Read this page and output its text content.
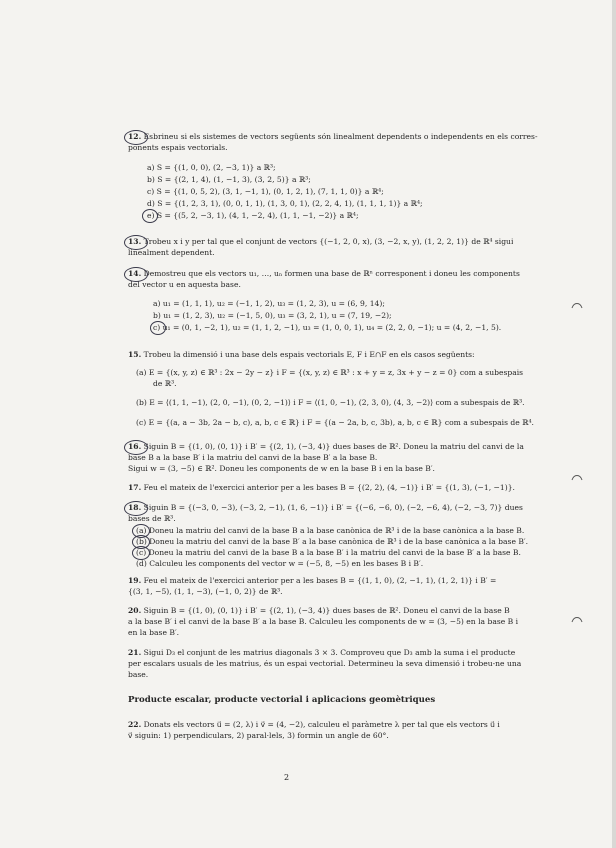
12. Esbrineu si els sistemes de vectors següents són linealment dependents o independents en els corres-
ponents espais vectorials.
a) S = {(1, 0, 0), (2, −3, 1)} a ℝ³;
b) S = {(2, 1, 4), (1, −1, 3), (3, 2, 5)} a ℝ³;
c) S = {(1, 0, 5, 2), (3, 1, −1, 1), (0, 1, 2, 1), (7, 1, 1, 0)} a ℝ⁴;
d) S = {(1, 2, 3, 1), (0, 0, 1, 1), (1, 3, 0, 1), (2, 2, 4, 1), (1, 1, 1, 1)} a ℝ⁴;
e) S = {(5, 2, −3, 1), (4, 1, −2, 4), (1, 1, −1, −2)} a ℝ⁴;
13. Trobeu x i y per tal que el conjunt de vectors {(−1, 2, 0, x), (3, −2, x, y), (1, 2, 2, 1)} de ℝ⁴ sigui
linealment dependent.
14. Demostreu que els vectors u₁, …, uₙ formen una base de ℝⁿ corresponent i doneu les components
del vector u en aquesta base.
a) u₁ = (1, 1, 1), u₂ = (−1, 1, 2), u₃ = (1, 2, 3), u = (6, 9, 14);
b) u₁ = (1, 2, 3), u₂ = (−1, 5, 0), u₃ = (3, 2, 1), u = (7, 19, −2);
c) u₁ = (0, 1, −2, 1), u₂ = (1, 1, 2, −1), u₃ = (1, 0, 0, 1), u₄ = (2, 2, 0, −1); u = (4, 2, −1, 5).
15. Trobeu la dimensió i una base dels espais vectorials E, F i E∩F en els casos següents:
(a) E = {(x, y, z) ∈ ℝ³ : 2x − 2y − z} i F = {(x, y, z) ∈ ℝ³ : x + y = z, 3x + y − z = 0} com a subespais
de ℝ³.
(b) E = ⟨(1, 1, −1), (2, 0, −1), (0, 2, −1)⟩ i F = ⟨(1, 0, −1), (2, 3, 0), (4, 3, −2)⟩ com a subespais de ℝ³.
(c) E = {(a, a − 3b, 2a − b, c), a, b, c ∈ ℝ} i F = {(a − 2a, b, c, 3b), a, b, c ∈ ℝ} com a subespais de ℝ⁴.
16. Siguin B = {(1, 0), (0, 1)} i B′ = {(2, 1), (−3, 4)} dues bases de ℝ². Doneu la matriu del canvi de la
base B a la base B′ i la matriu del canvi de la base B′ a la base B.
Sigui w = (3, −5) ∈ ℝ². Doneu les components de w en la base B i en la base B′.
17. Feu el mateix de l'exercici anterior per a les bases B = {(2, 2), (4, −1)} i B′ = {(1, 3), (−1, −1)}.
18. Siguin B = {(−3, 0, −3), (−3, 2, −1), (1, 6, −1)} i B′ = {(−6, −6, 0), (−2, −6, 4), (−2, −3, 7)} dues
bases de ℝ³.
(a) Doneu la matriu del canvi de la base B a la base canònica de ℝ³ i de la base canònica a la base B.
(b) Doneu la matriu del canvi de la base B′ a la base canònica de ℝ³ i de la base canònica a la base B′.
(c) Doneu la matriu del canvi de la base B a la base B′ i la matriu del canvi de la base B′ a la base B.
(d) Calculeu les components del vector w = (−5, 8, −5) en les bases B i B′.
19. Feu el mateix de l'exercici anterior per a les bases B = {(1, 1, 0), (2, −1, 1), (1, 2, 1)} i B′ =
{(3, 1, −5), (1, 1, −3), (−1, 0, 2)} de ℝ³.
20. Siguin B = {(1, 0), (0, 1)} i B′ = {(2, 1), (−3, 4)} dues bases de ℝ². Doneu el canvi de la base B
a la base B′ i el canvi de la base B′ a la base B. Calculeu les components de w = (3, −5) en la base B i
en la base B′.
21. Sigui D₃ el conjunt de les matrius diagonals 3 × 3. Comproveu que D₃ amb la suma i el producte
per escalars usuals de les matrius, és un espai vectorial. Determineu la seva dimensió i trobeu-ne una
base.
Producte escalar, producte vectorial i aplicacions geomètriques
22. Donats els vectors u⃗ = (2, λ) i v⃗ = (4, −2), calculeu el paràmetre λ per tal que els vectors u⃗ i
v⃗ siguin: 1) perpendiculars, 2) paral·lels, 3) formin un angle de 60°.
2
